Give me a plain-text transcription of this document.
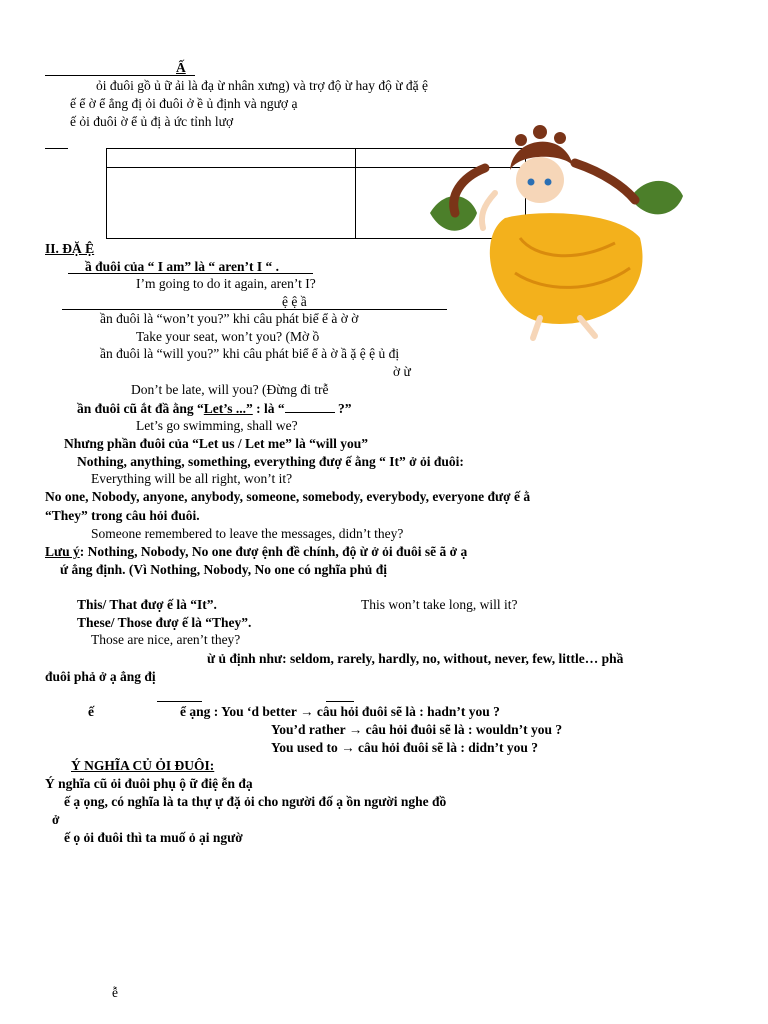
Ấ
ỏi đuôi gồ ủ ữ ải là đạ ừ nhân xưng) và trợ độ ừ hay độ ừ đặ ệ
ế ể ờ ể ẳng đị ỏi đuôi ở ề ủ định và ngượ ạ
ế ỏi đuôi ờ ể ủ đị à ức tỉnh lượ
II. ĐẶ Ệ
ầ đuôi của “ I am” là “ aren’t I “ .
I’m going to do it again, aren’t I?
ệ ệ ầ
ần đuôi là “won’t you?” khi câu phát biể ể à ờ ờ
Take your seat, won’t you? (Mờ ồ
ần đuôi là “will you?” khi câu phát biể ể à ờ ầ ặ ệ ệ ủ đị
ờ ừ
Don’t be late, will you? (Đừng đi trễ
ần đuôi cũ ắt đầ ằng “Let’s ...” : là “	?”
Let’s go swimming, shall we?
Nhưng phần đuôi của “Let us / Let me” là “will you”
Nothing, anything, something, everything đượ ế ằng “ It” ở ỏi đuôi:
Everything will be all right, won’t it?
No one, Nobody, anyone, anybody, someone, somebody, everybody, everyone đượ ế ằ
“They” trong câu hỏi đuôi.
Someone remembered to leave the messages, didn’t they?
Lưu ý: Nothing, Nobody, No one đượ ệnh đề chính, độ ừ ở ỏi đuôi sẽ ã ở ạ
ứ ẳng định. (Vì Nothing, Nobody, No one có nghĩa phủ đị
This/ That đượ ế là “It”.	This won’t take long, will it?
These/ Those đượ ế là “They”.
Those are nice, aren’t they?
ừ ủ định như: seldom, rarely, hardly, no, without, never, few, little… phầ
đuôi phả ở ạ ẳng đị
ế	ể ạng : You ‘d better → câu hỏi đuôi sẽ là : hadn’t you ?
You’d rather → câu hỏi đuôi sẽ là : wouldn’t you ?
You used to → câu hỏi đuôi sẽ là : didn’t you ?
Ý NGHĨA CỦ ỎI ĐUÔI:
Ý nghĩa cũ ỏi đuôi phụ ộ ữ điệ ễn đạ
ế ạ ọng, có nghĩa là ta thự ự đặ ỏi cho người đố ạ ồn người nghe đồ
ở
ế ọ ỏi đuôi thì ta muố ỏ ại ngườ
ễ
